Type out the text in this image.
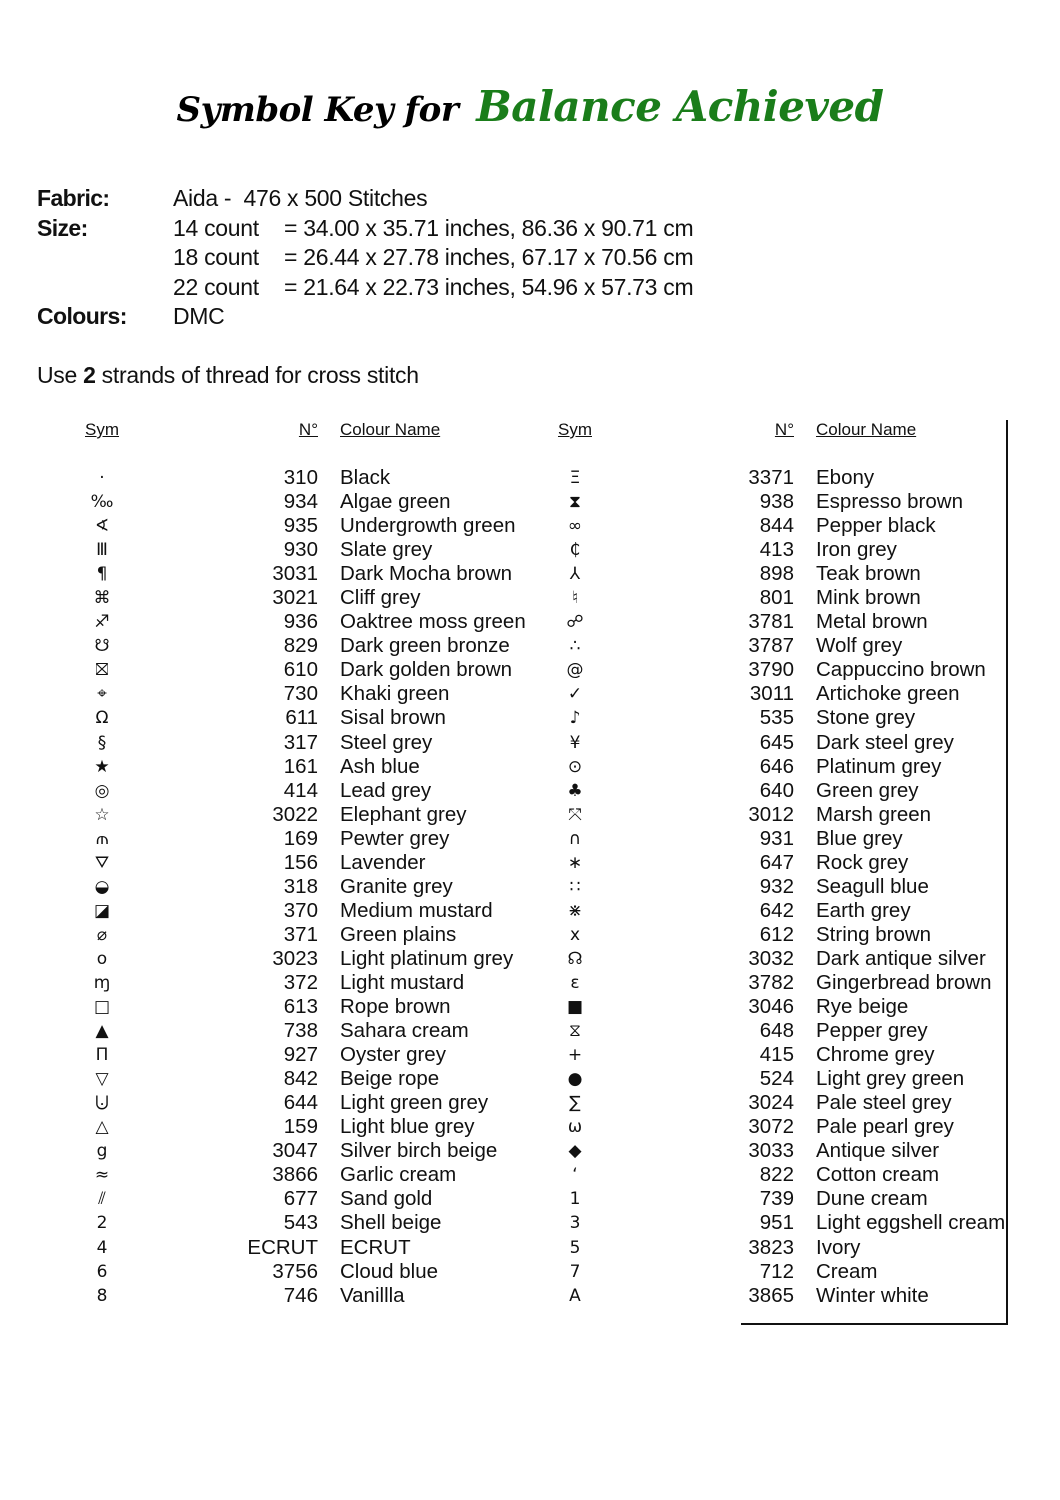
Symbol Key for Balance Achieved
Fabric:	Aida -  476 x 500 Stitches
Size:	14 count = 34.00 x 35.71 inches, 86.36 x 90.71 cm
18 count = 26.44 x 27.78 inches, 67.17 x 70.56 cm
22 count = 21.64 x 22.73 inches, 54.96 x 57.73 cm
Colours:	DMC
Use 2 strands of thread for cross stitch
Sym	N°	Colour Name
·	310	Black
‰	934	Algae green
∢	935	Undergrowth green
Ⅲ	930	Slate grey
¶	3031	Dark Mocha brown
⌘	3021	Cliff grey
♐	936	Oaktree moss green
☋	829	Dark green bronze
⛝	610	Dark golden brown
⌖	730	Khaki green
Ω	611	Sisal brown
§	317	Steel grey
★	161	Ash blue
◎	414	Lead grey
☆	3022	Elephant grey
⫙	169	Pewter grey
⛛	156	Lavender
◒	318	Granite grey
◪	370	Medium mustard
⌀	371	Green plains
o	3023	Light platinum grey
ɱ	372	Light mustard
□	613	Rope brown
▲	738	Sahara cream
Π	927	Oyster grey
▽	842	Beige rope
⨃	644	Light green grey
△	159	Light blue grey
g	3047	Silver birch beige
≈	3866	Garlic cream
⫽	677	Sand gold
2	543	Shell beige
4	ECRUT	ECRUT
6	3756	Cloud blue
8	746	Vanillla
Sym	N°	Colour Name
Ξ	3371	Ebony
⧗	938	Espresso brown
∞	844	Pepper black
₵	413	Iron grey
⅄	898	Teak brown
♮	801	Mink brown
☍	3781	Metal brown
∴	3787	Wolf grey
@	3790	Cappuccino brown
✓	3011	Artichoke green
♪	535	Stone grey
¥	645	Dark steel grey
⊙	646	Platinum grey
♣	640	Green grey
⤧	3012	Marsh green
∩	931	Blue grey
∗	647	Rock grey
∷	932	Seagull blue
⋇	642	Earth grey
x	612	String brown
☊	3032	Dark antique silver
ε	3782	Gingerbread brown
■	3046	Rye beige
⧖	648	Pepper grey
+	415	Chrome grey
●	524	Light grey green
∑	3024	Pale steel grey
ω	3072	Pale pearl grey
◆	3033	Antique silver
‘	822	Cotton cream
1	739	Dune cream
3	951	Light eggshell cream
5	3823	Ivory
7	712	Cream
A	3865	Winter white
